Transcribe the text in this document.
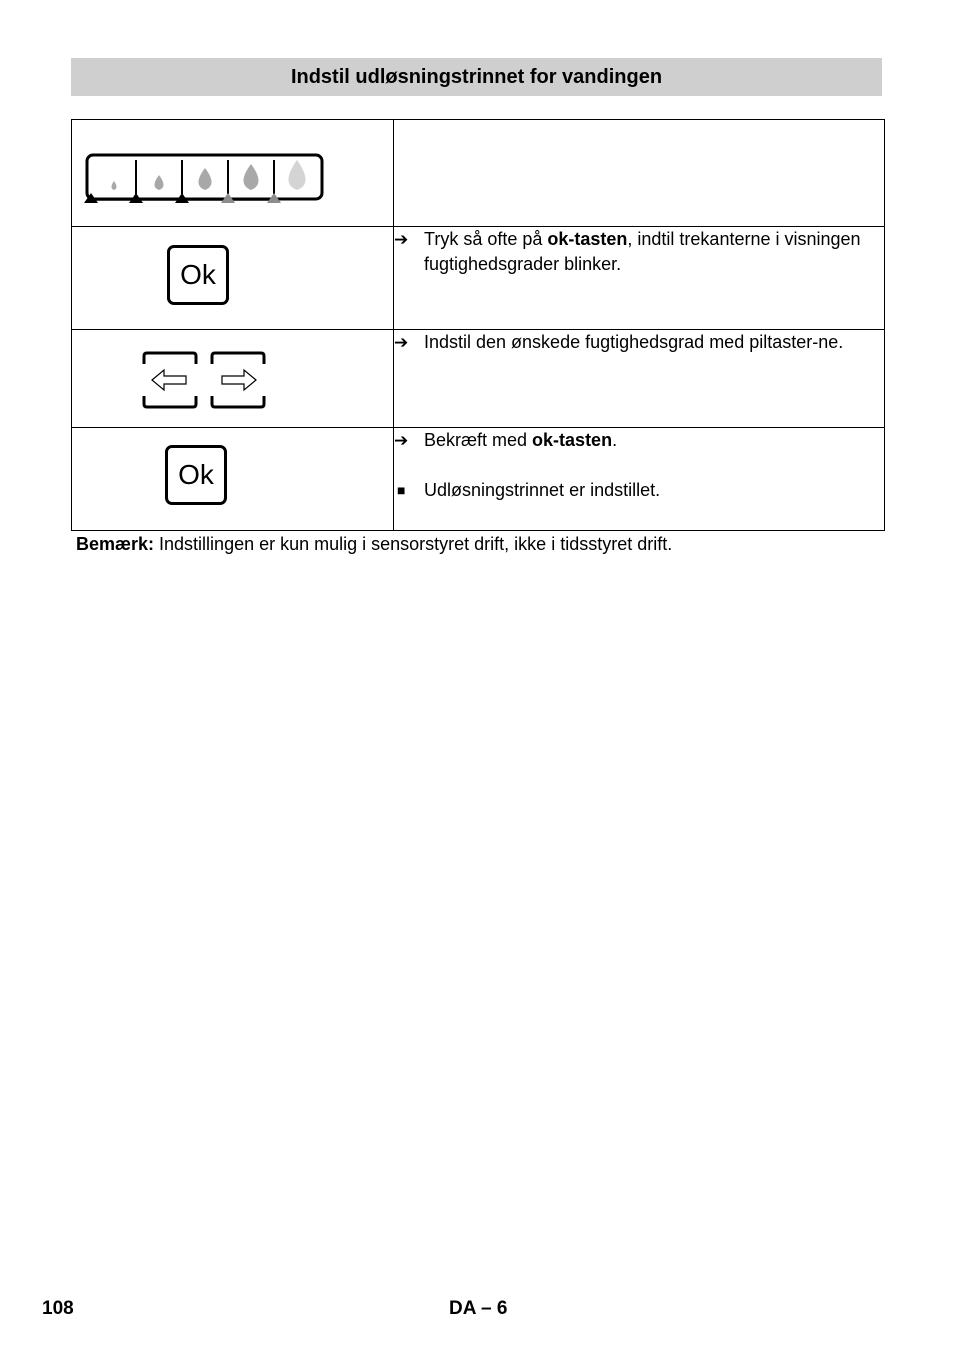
Indstil udløsningstrinnet for vandingen

Ok	➔ Tryk så ofte på ok-tasten, indtil trekanterne i visningen fugtighedsgrader blinker.

➔ Indstil den ønskede fugtighedsgrad med piltaster-ne.

Ok	➔ Bekræft med ok-tasten.
■ Udløsningstrinnet er indstillet.
Bemærk: Indstillingen er kun mulig i sensorstyret drift, ikke i tidsstyret drift.
108	DA – 6
